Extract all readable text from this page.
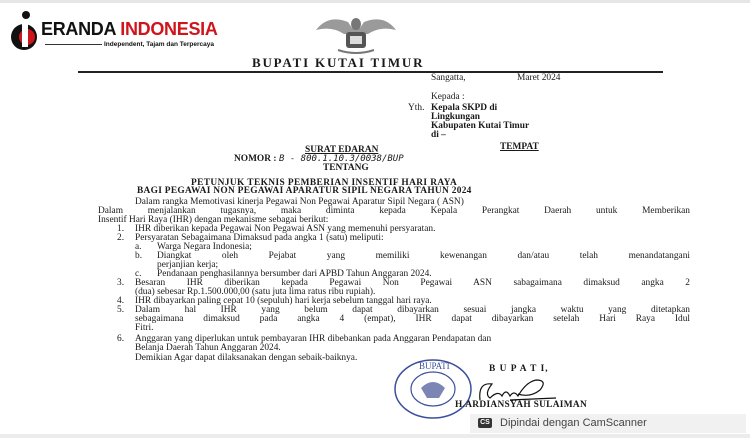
ERANDA INDONESIA
Independent, Tajam dan Terpercaya
BUPATI KUTAI TIMUR
Sangatta,	Maret 2024
Kepada :
Yth. Kepala SKPD di
Lingkungan
Kabupaten Kutai Timur
di –
TEMPAT
SURAT EDARAN
NOMOR : B - 800.1.10.3/0038/BUP
TENTANG
PETUNJUK TEKNIS PEMBERIAN INSENTIF HARI RAYA
BAGI PEGAWAI NON PEGAWAI APARATUR SIPIL NEGARA TAHUN 2024
Dalam rangka Memotivasi kinerja Pegawai Non Pegawai Aparatur Sipil Negara ( ASN)
Dalam menjalankan tugasnya, maka diminta kepada Kepala Perangkat Daerah untuk Memberikan
Insentif Hari Raya (IHR) dengan mekanisme sebagai berikut:
1. IHR diberikan kepada Pegawai Non Pegawai ASN yang memenuhi persyaratan.
2. Persyaratan Sebagaimana Dimaksud pada angka 1 (satu) meliputi:
a. Warga Negara Indonesia;
b. Diangkat oleh Pejabat yang memiliki kewenangan dan/atau telah menandatangani
perjanjian kerja;
c. Pendanaan penghasilannya bersumber dari APBD Tahun Anggaran 2024.
3. Besaran IHR diberikan kepada Pegawai Non Pegawai ASN sabagaimana dimaksud angka 2
(dua) sebesar Rp.1.500.000,00 (satu juta lima ratus ribu rupiah).
4. IHR dibayarkan paling cepat 10 (sepuluh) hari kerja sebelum tanggal hari raya.
5. Dalam hal IHR yang belum dapat dibayarkan sesuai jangka waktu yang ditetapkan
sebagaimana dimaksud pada angka 4 (empat), IHR dapat dibayarkan setelah Hari Raya Idul
Fitri.
6. Anggaran yang diperlukan untuk pembayaran IHR dibebankan pada Anggaran Pendapatan dan
Belanja Daerah Tahun Anggaran 2024.
Demikian Agar dapat dilaksanakan dengan sebaik-baiknya.
B U P A T I,
BUPATI
H.ARDIANSYAH SULAIMAN
CS Dipindai dengan CamScanner
